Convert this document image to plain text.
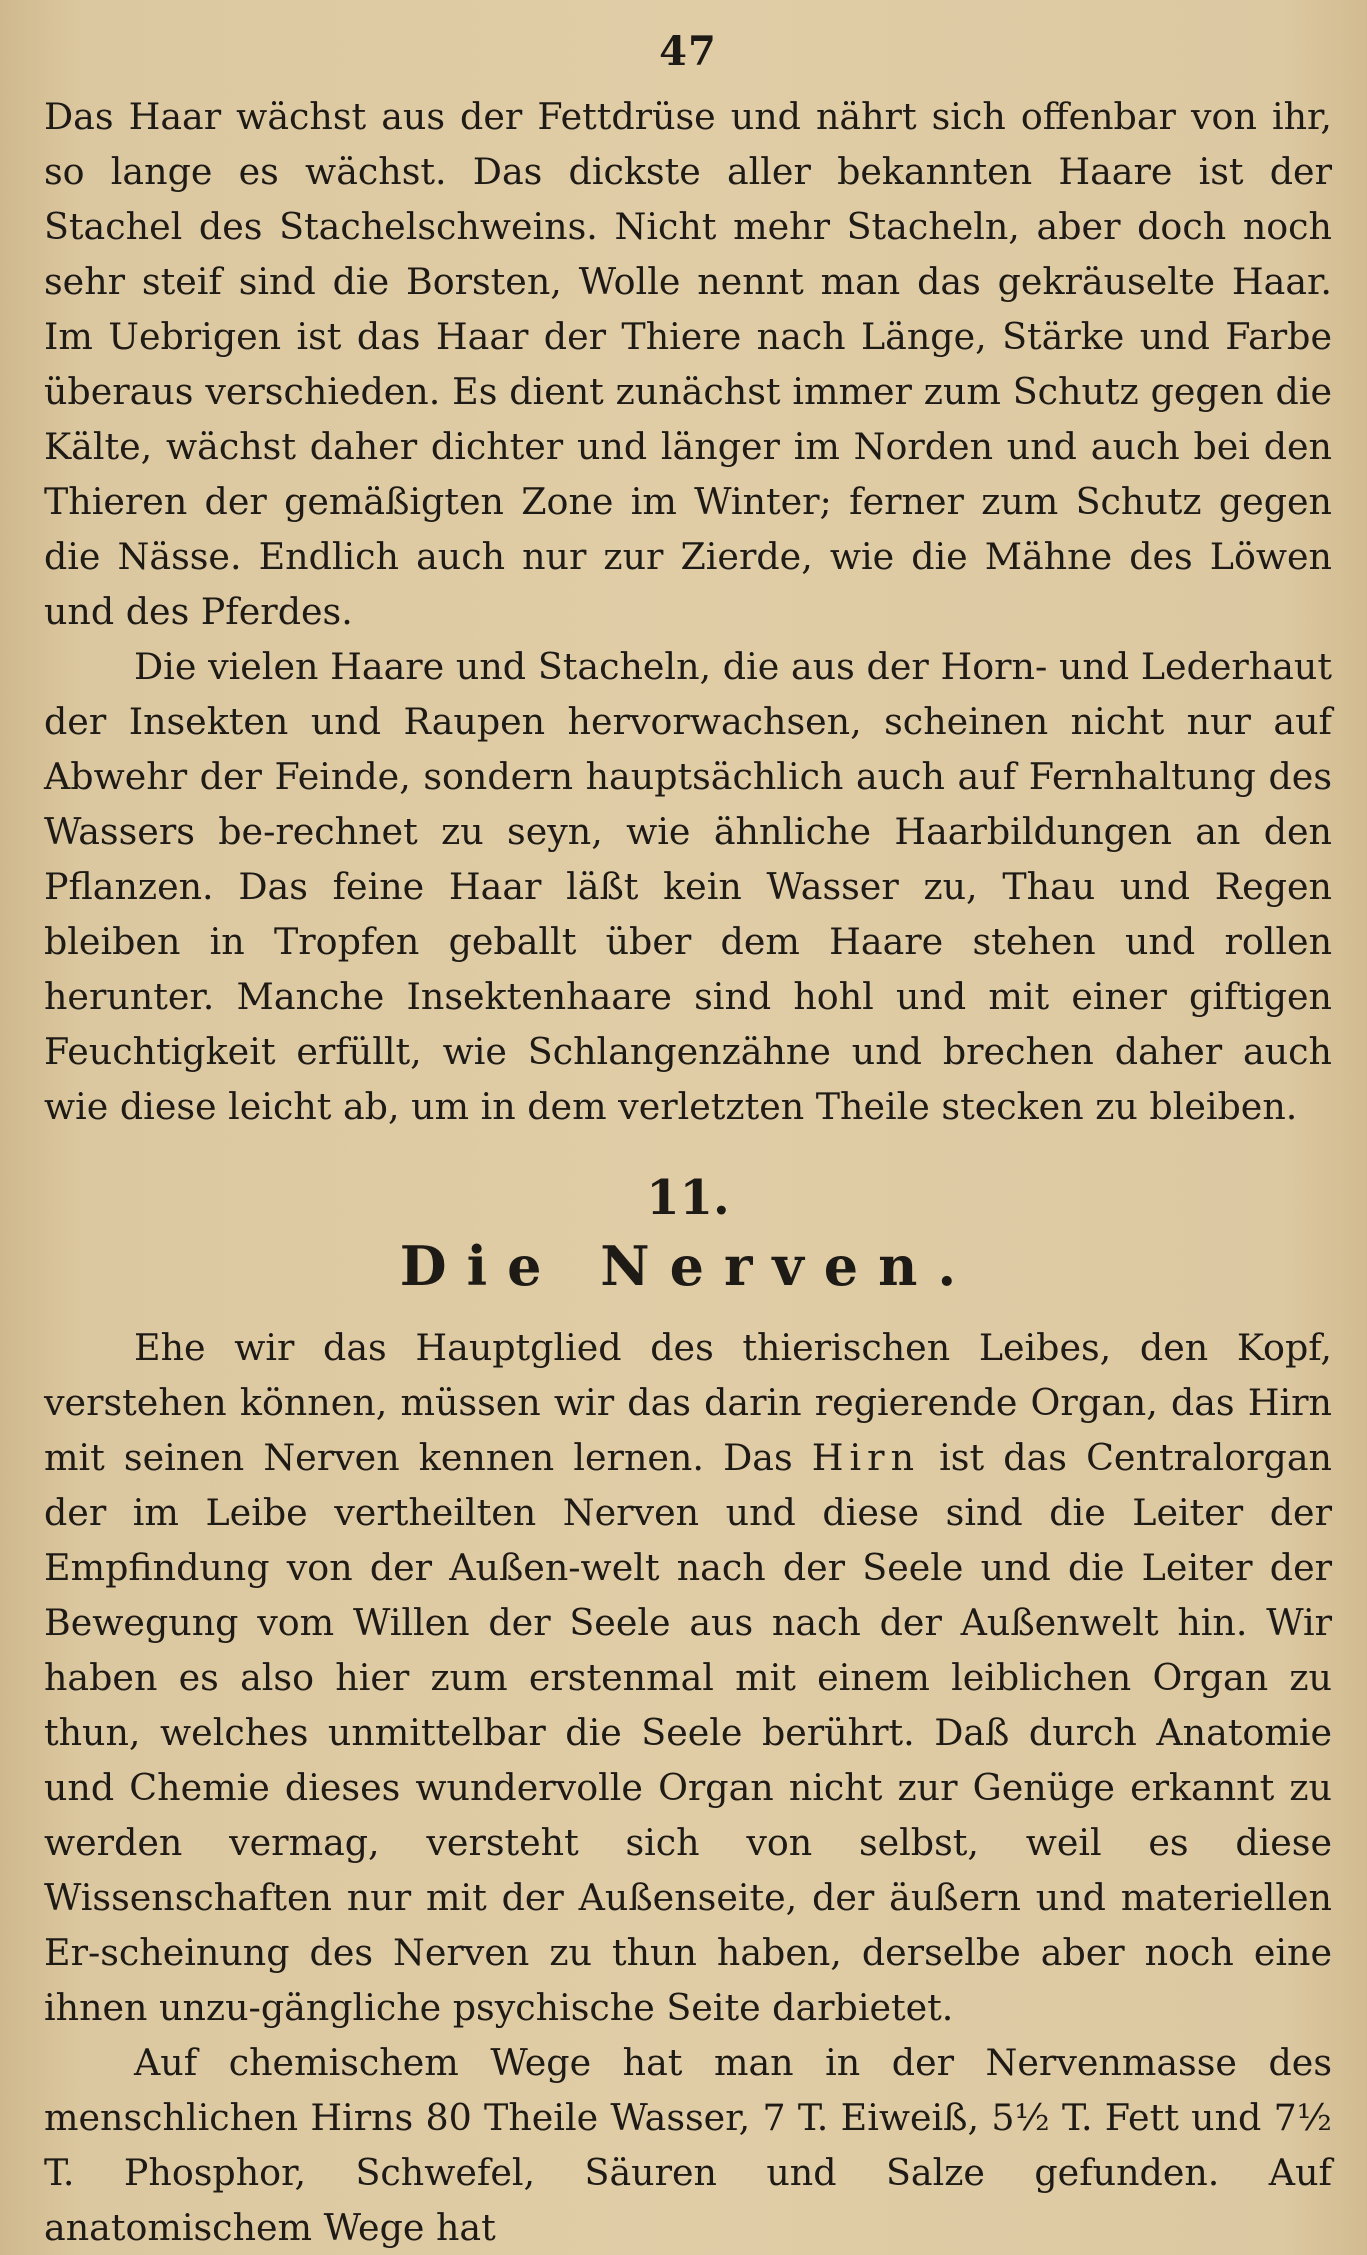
47

Das Haar wächst aus der Fettdrüse und nährt sich offenbar von ihr, so lange es wächst. Das dickste aller bekannten Haare ist der Stachel des Stachelschweins. Nicht mehr Stacheln, aber doch noch sehr steif sind die Borsten, Wolle nennt man das gekräuselte Haar. Im Uebrigen ist das Haar der Thiere nach Länge, Stärke und Farbe überaus verschieden. Es dient zunächst immer zum Schutz gegen die Kälte, wächst daher dichter und länger im Norden und auch bei den Thieren der gemäßigten Zone im Winter; ferner zum Schutz gegen die Nässe. Endlich auch nur zur Zierde, wie die Mähne des Löwen und des Pferdes.

Die vielen Haare und Stacheln, die aus der Horn- und Lederhaut der Insekten und Raupen hervorwachsen, scheinen nicht nur auf Abwehr der Feinde, sondern hauptsächlich auch auf Fernhaltung des Wassers be-rechnet zu seyn, wie ähnliche Haarbildungen an den Pflanzen. Das feine Haar läßt kein Wasser zu, Thau und Regen bleiben in Tropfen geballt über dem Haare stehen und rollen herunter. Manche Insektenhaare sind hohl und mit einer giftigen Feuchtigkeit erfüllt, wie Schlangenzähne und brechen daher auch wie diese leicht ab, um in dem verletzten Theile stecken zu bleiben.

11.
Die Nerven.

Ehe wir das Hauptglied des thierischen Leibes, den Kopf, verstehen können, müssen wir das darin regierende Organ, das Hirn mit seinen Nerven kennen lernen. Das Hirn ist das Centralorgan der im Leibe vertheilten Nerven und diese sind die Leiter der Empfindung von der Außen-welt nach der Seele und die Leiter der Bewegung vom Willen der Seele aus nach der Außenwelt hin. Wir haben es also hier zum erstenmal mit einem leiblichen Organ zu thun, welches unmittelbar die Seele berührt. Daß durch Anatomie und Chemie dieses wundervolle Organ nicht zur Genüge erkannt zu werden vermag, versteht sich von selbst, weil es diese Wissenschaften nur mit der Außenseite, der äußern und materiellen Er-scheinung des Nerven zu thun haben, derselbe aber noch eine ihnen unzu-gängliche psychische Seite darbietet.

Auf chemischem Wege hat man in der Nervenmasse des menschlichen Hirns 80 Theile Wasser, 7 T. Eiweiß, 5½ T. Fett und 7½ T. Phosphor, Schwefel, Säuren und Salze gefunden. Auf anatomischem Wege hat
